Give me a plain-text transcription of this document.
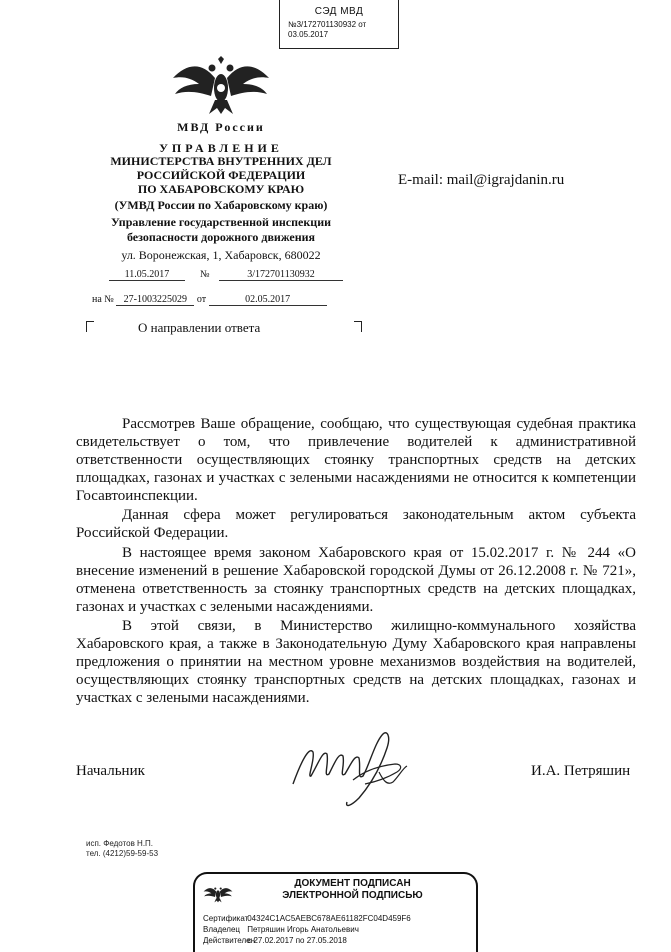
СЭД МВД
№3/172701130932 от 03.05.2017
МВД России
УПРАВЛЕНИЕ
МИНИСТЕРСТВА ВНУТРЕННИХ ДЕЛ
РОССИЙСКОЙ ФЕДЕРАЦИИ
ПО ХАБАРОВСКОМУ КРАЮ
(УМВД России по Хабаровскому краю)
Управление государственной инспекции
безопасности дорожного движения
ул. Воронежская, 1, Хабаровск, 680022
11.05.2017	№	3/172701130932
на № 27-1003225029 от	02.05.2017
О направлении ответа
E-mail: mail@igrajdanin.ru
Рассмотрев Ваше обращение, сообщаю, что существующая судебная практика свидетельствует о том, что привлечение водителей к административной ответственности осуществляющих стоянку транспортных средств на детских площадках, газонах и участках с зелеными насаждениями не относится к компетенции Госавтоинспекции.
Данная сфера может регулироваться законодательным актом субъекта Российской Федерации.
В настоящее время законом Хабаровского края от 15.02.2017 г. № 244 «О внесение изменений в решение Хабаровской городской Думы от 26.12.2008 г. № 721», отменена ответственность за стоянку транспортных средств на детских площадках, газонах и участках с зелеными насаждениями.
В этой связи, в Министерство жилищно-коммунального хозяйства Хабаровского края, а также в Законодательную Думу Хабаровского края направлены предложения о принятии на местном уровне механизмов воздействия на водителей, осуществляющих стоянку транспортных средств на детских площадках, газонах и участках с зелеными насаждениями.
Начальник	И.А. Петряшин
исп. Федотов Н.П.
тел. (4212)59-59-53
ДОКУМЕНТ ПОДПИСАН
ЭЛЕКТРОННОЙ ПОДПИСЬЮ
Сертификат 04324C1AC5AEBC678AE61182FC04D459F6
Владелец Петряшин Игорь Анатольевич
Действителен с 27.02.2017 по 27.05.2018
